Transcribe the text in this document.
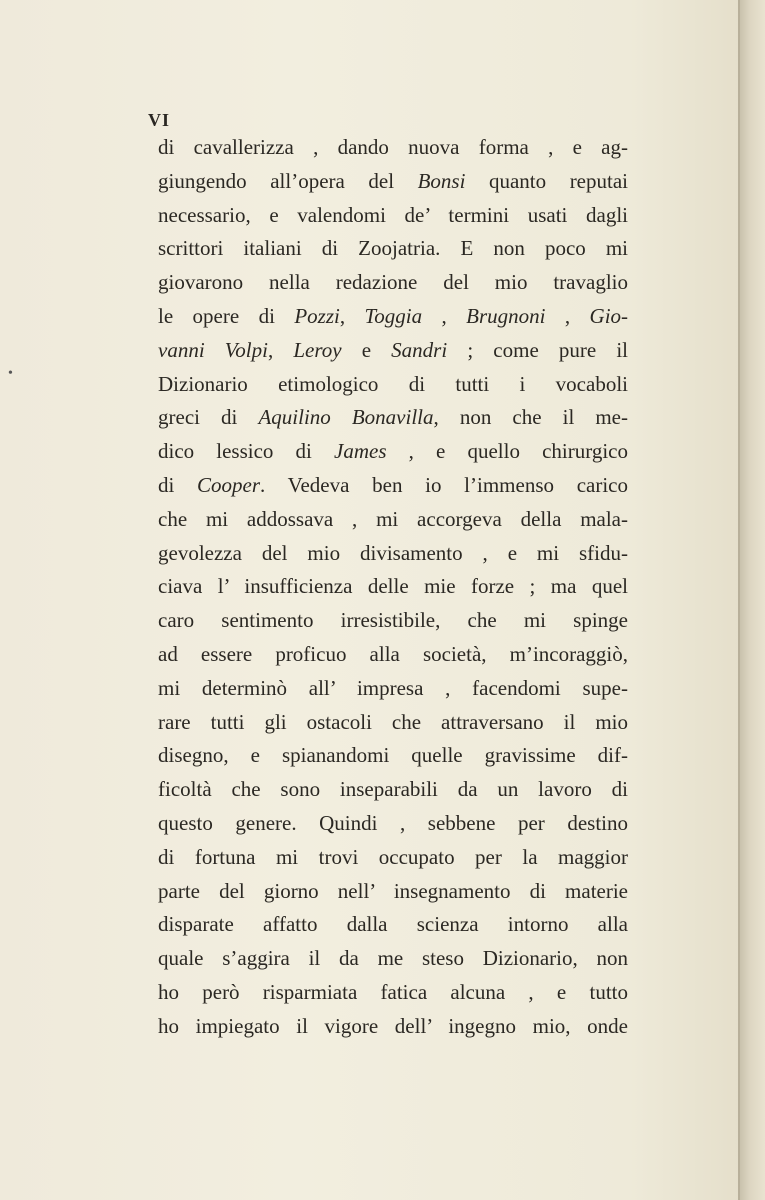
•
VI
di cavallerizza , dando nuova forma , e ag-
giungendo all’opera del Bonsi quanto reputai
necessario, e valendomi de’ termini usati dagli
scrittori italiani di Zoojatria. E non poco mi
giovarono nella redazione del mio travaglio
le opere di Pozzi, Toggia , Brugnoni , Gio-
vanni Volpi, Leroy e Sandri ; come pure il
Dizionario etimologico di tutti i vocaboli
greci di Aquilino Bonavilla, non che il me-
dico lessico di James , e quello chirurgico
di Cooper. Vedeva ben io l’immenso carico
che mi addossava , mi accorgeva della mala-
gevolezza del mio divisamento , e mi sfidu-
ciava l’ insufficienza delle mie forze ; ma quel
caro sentimento irresistibile, che mi spinge
ad essere proficuo alla società, m’incoraggiò,
mi determinò all’ impresa , facendomi supe-
rare tutti gli ostacoli che attraversano il mio
disegno, e spianandomi quelle gravissime dif-
ficoltà che sono inseparabili da un lavoro di
questo genere. Quindi , sebbene per destino
di fortuna mi trovi occupato per la maggior
parte del giorno nell’ insegnamento di materie
disparate affatto dalla scienza intorno alla
quale s’aggira il da me steso Dizionario, non
ho però risparmiata fatica alcuna , e tutto
ho impiegato il vigore dell’ ingegno mio, onde
